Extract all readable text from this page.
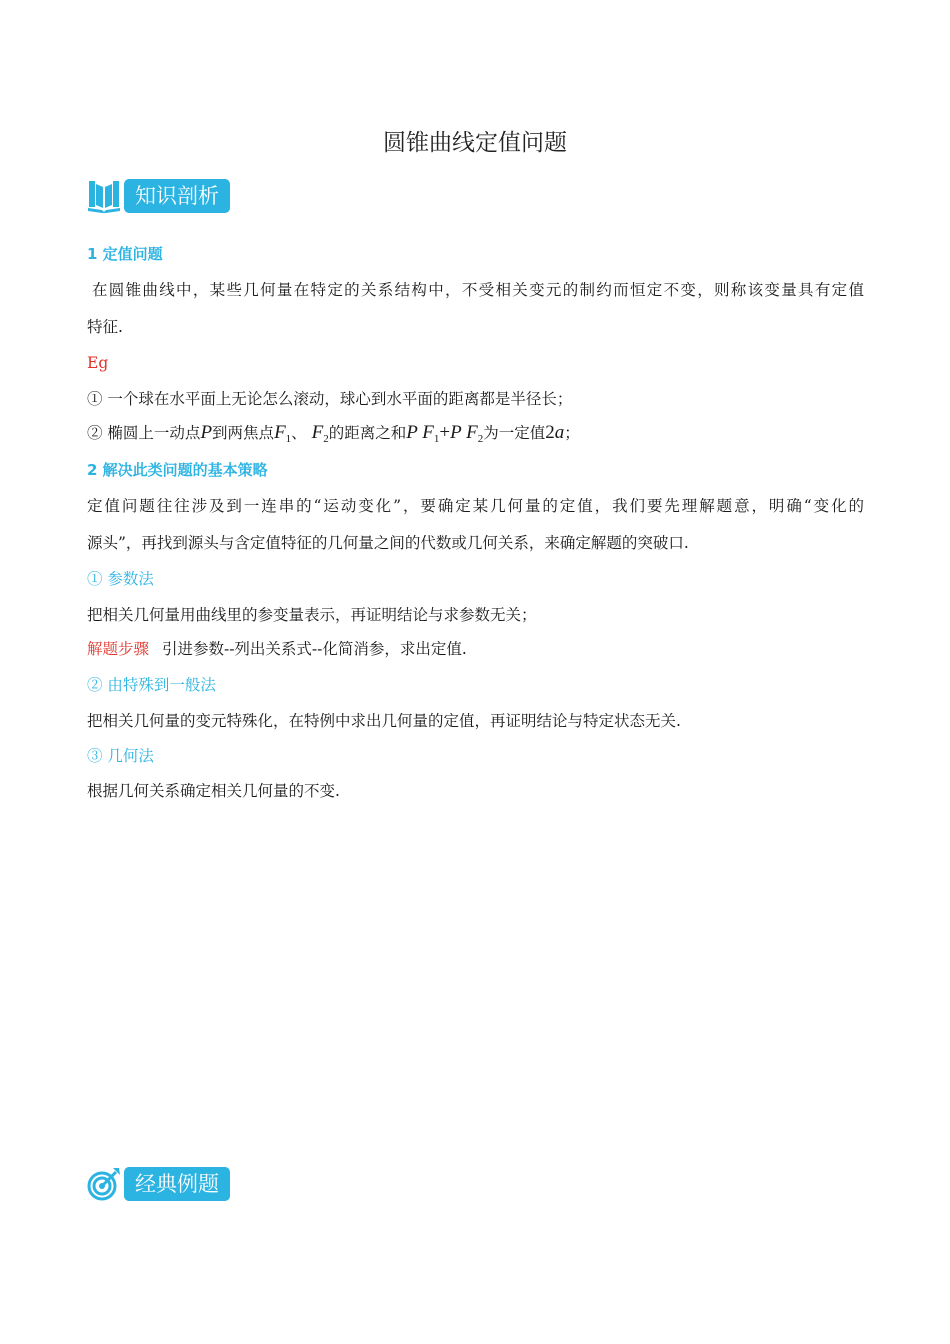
圆锥曲线定值问题
知识剖析
1 定值问题
在圆锥曲线中，某些几何量在特定的关系结构中，不受相关变元的制约而恒定不变，则称该变量具有定值
特征.
Eg
① 一个球在水平面上无论怎么滚动，球心到水平面的距离都是半径长；
② 椭圆上一动点P到两焦点$F_1$、 $F_2$的距离之和P $F_1+P$ $F_2$为一定值2a；
2 解决此类问题的基本策略
定值问题往往涉及到一连串的“运动变化”，要确定某几何量的定值，我们要先理解题意，明确“变化的
源头”，再找到源头与含定值特征的几何量之间的代数或几何关系，来确定解题的突破口.
① 参数法
把相关几何量用曲线里的参变量表示，再证明结论与求参数无关；
解题步骤 引进参数--列出关系式--化简消参，求出定值.
② 由特殊到一般法
把相关几何量的变元特殊化，在特例中求出几何量的定值，再证明结论与特定状态无关.
③ 几何法
根据几何关系确定相关几何量的不变.
经典例题
